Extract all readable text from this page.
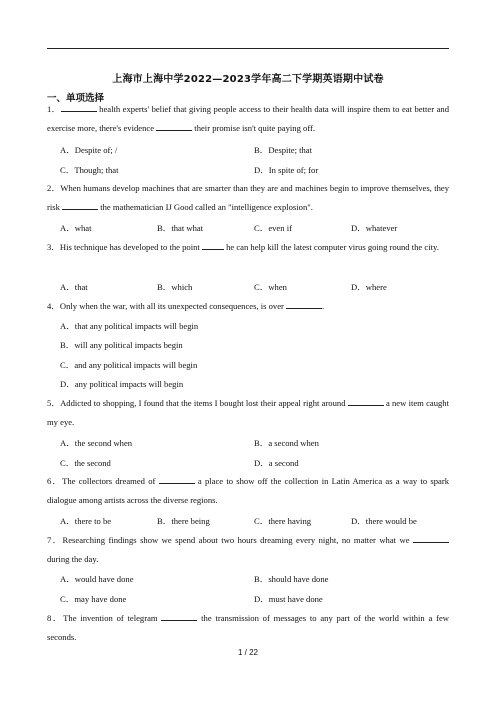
上海市上海中学2022—2023学年高二下学期英语期中试卷
一、单项选择
1．	health experts' belief that giving people access to their health data will inspire them to eat better and exercise more, there's evidence	their promise isn't quite paying off.
A．Despite of; /	B．Despite; that
C．Though; that	D．In spite of; for
2．When humans develop machines that are smarter than they are and machines begin to improve themselves, they risk	the mathematician IJ Good called an "intelligence explosion".
A．what	B．that what	C．even if	D．whatever
3．His technique has developed to the point	he can help kill the latest computer virus going round the city.
A．that	B．which	C．when	D．where
4．Only when the war, with all its unexpected consequences, is over	.
A．that any political impacts will begin
B．will any political impacts begin
C．and any political impacts will begin
D．any political impacts will begin
5．Addicted to shopping, I found that the items I bought lost their appeal right around	a new item caught my eye.
A．the second when	B．a second when
C．the second	D．a second
6．The collectors dreamed of	a place to show off the collection in Latin America as a way to spark dialogue among artists across the diverse regions.
A．there to be	B．there being	C．there having	D．there would be
7．Researching findings show we spend about two hours dreaming every night, no matter what we  during the day.
A．would have done	B．should have done
C．may have done	D．must have done
8．The invention of telegram	the transmission of messages to any part of the world within a few seconds.
1 / 22
